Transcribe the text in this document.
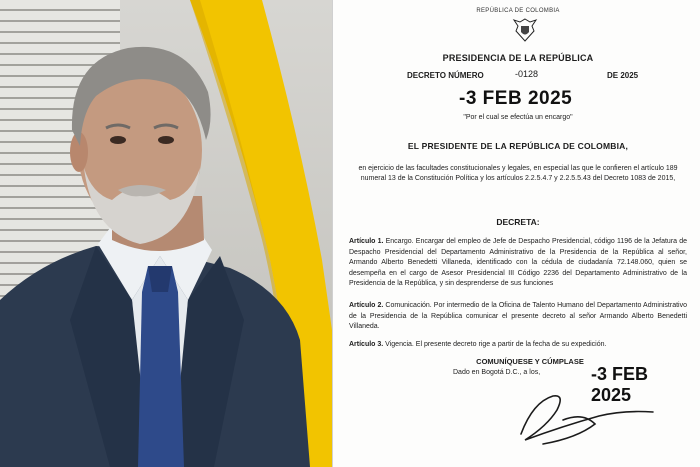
REPÚBLICA DE COLOMBIA
PRESIDENCIA DE LA REPÚBLICA
DECRETO NÚMERO	-0128	DE 2025
-3 FEB 2025
"Por el cual se efectúa un encargo"
EL PRESIDENTE DE LA REPÚBLICA DE COLOMBIA,
en ejercicio de las facultades constitucionales y legales, en especial las que le confieren el artículo 189 numeral 13 de la Constitución Política y los artículos 2.2.5.4.7 y 2.2.5.5.43 del Decreto 1083 de 2015,
DECRETA:
Artículo 1. Encargo. Encargar del empleo de Jefe de Despacho Presidencial, código 1196 de la Jefatura de Despacho Presidencial del Departamento Administrativo de la Presidencia de la República al señor, Armando Alberto Benedetti Villaneda, identificado con la cédula de ciudadanía 72.148.060, quien se desempeña en el cargo de Asesor Presidencial III Código 2236 del Departamento Administrativo de la Presidencia de la República, y sin desprenderse de sus funciones
Artículo 2. Comunicación. Por intermedio de la Oficina de Talento Humano del Departamento Administrativo de la Presidencia de la República comunicar el presente decreto al señor Armando Alberto Benedetti Villaneda.
Artículo 3. Vigencia. El presente decreto rige a partir de la fecha de su expedición.
COMUNÍQUESE Y CÚMPLASE
Dado en Bogotá D.C., a los,	-3 FEB 2025
